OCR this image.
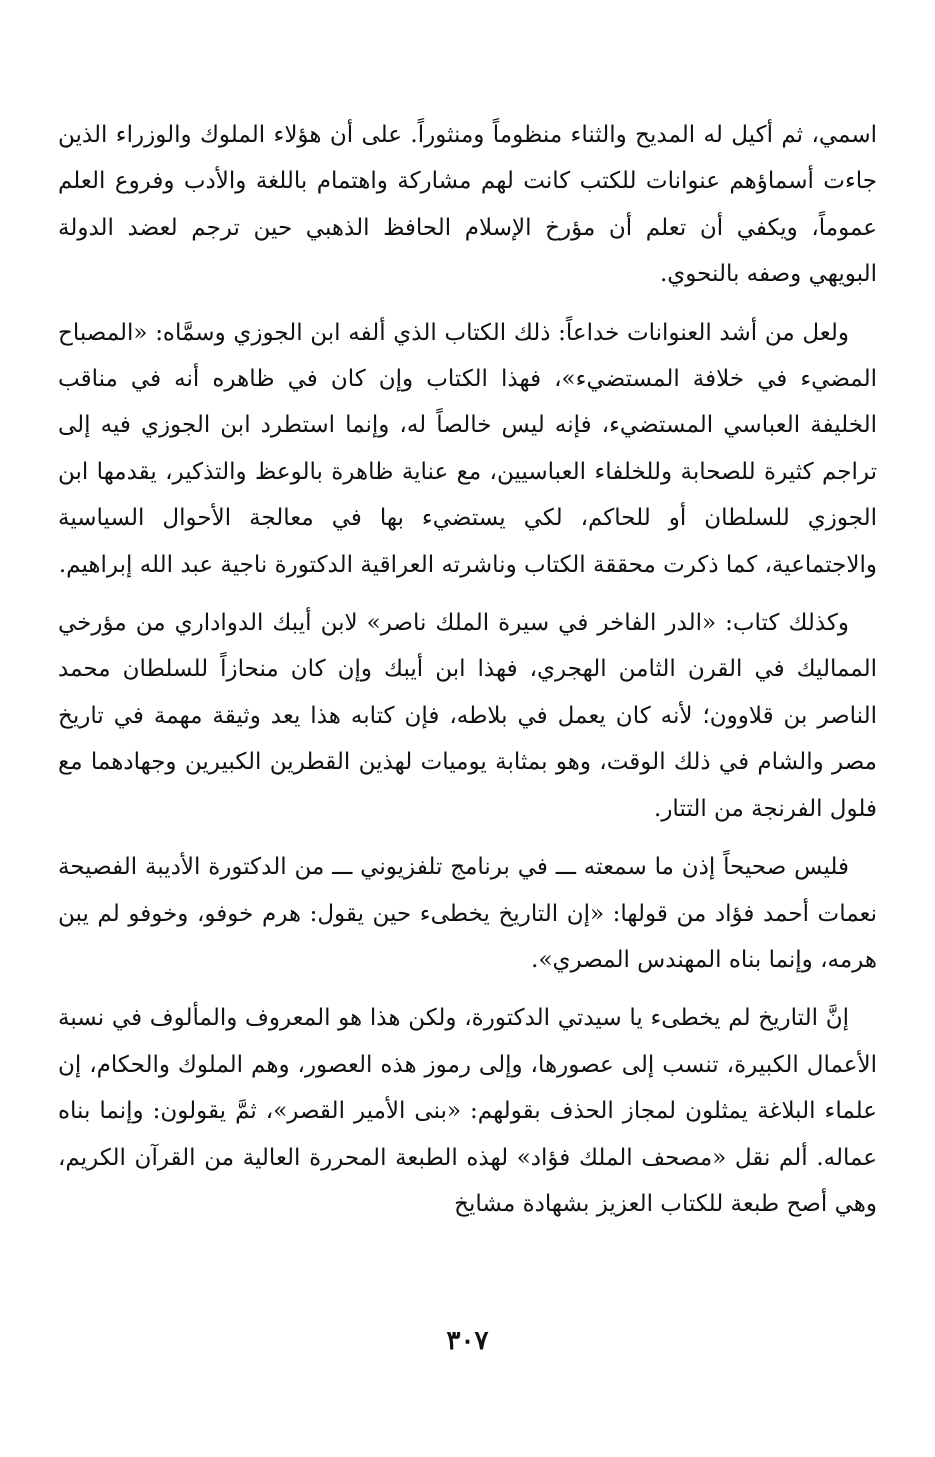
اسمي، ثم أكيل له المديح والثناء منظوماً ومنثوراً. على أن هؤلاء الملوك والوزراء الذين جاءت أسماؤهم عنوانات للكتب كانت لهم مشاركة واهتمام باللغة والأدب وفروع العلم عموماً، ويكفي أن تعلم أن مؤرخ الإسلام الحافظ الذهبي حين ترجم لعضد الدولة البويهي وصفه بالنحوي.

ولعل من أشد العنوانات خداعاً: ذلك الكتاب الذي ألفه ابن الجوزي وسمَّاه: «المصباح المضيء في خلافة المستضيء»، فهذا الكتاب وإن كان في ظاهره أنه في مناقب الخليفة العباسي المستضيء، فإنه ليس خالصاً له، وإنما استطرد ابن الجوزي فيه إلى تراجم كثيرة للصحابة وللخلفاء العباسيين، مع عناية ظاهرة بالوعظ والتذكير، يقدمها ابن الجوزي للسلطان أو للحاكم، لكي يستضيء بها في معالجة الأحوال السياسية والاجتماعية، كما ذكرت محققة الكتاب وناشرته العراقية الدكتورة ناجية عبد الله إبراهيم.

وكذلك كتاب: «الدر الفاخر في سيرة الملك ناصر» لابن أيبك الدواداري من مؤرخي المماليك في القرن الثامن الهجري، فهذا ابن أيبك وإن كان منحازاً للسلطان محمد الناصر بن قلاوون؛ لأنه كان يعمل في بلاطه، فإن كتابه هذا يعد وثيقة مهمة في تاريخ مصر والشام في ذلك الوقت، وهو بمثابة يوميات لهذين القطرين الكبيرين وجهادهما مع فلول الفرنجة من التتار.

فليس صحيحاً إذن ما سمعته ـــ في برنامج تلفزيوني ـــ من الدكتورة الأديبة الفصيحة نعمات أحمد فؤاد من قولها: «إن التاريخ يخطىء حين يقول: هرم خوفو، وخوفو لم يبن هرمه، وإنما بناه المهندس المصري».

إنَّ التاريخ لم يخطىء يا سيدتي الدكتورة، ولكن هذا هو المعروف والمألوف في نسبة الأعمال الكبيرة، تنسب إلى عصورها، وإلى رموز هذه العصور، وهم الملوك والحكام، إن علماء البلاغة يمثلون لمجاز الحذف بقولهم: «بنى الأمير القصر»، ثمَّ يقولون: وإنما بناه عماله. ألم نقل «مصحف الملك فؤاد» لهذه الطبعة المحررة العالية من القرآن الكريم، وهي أصح طبعة للكتاب العزيز بشهادة مشايخ

٣٠٧
